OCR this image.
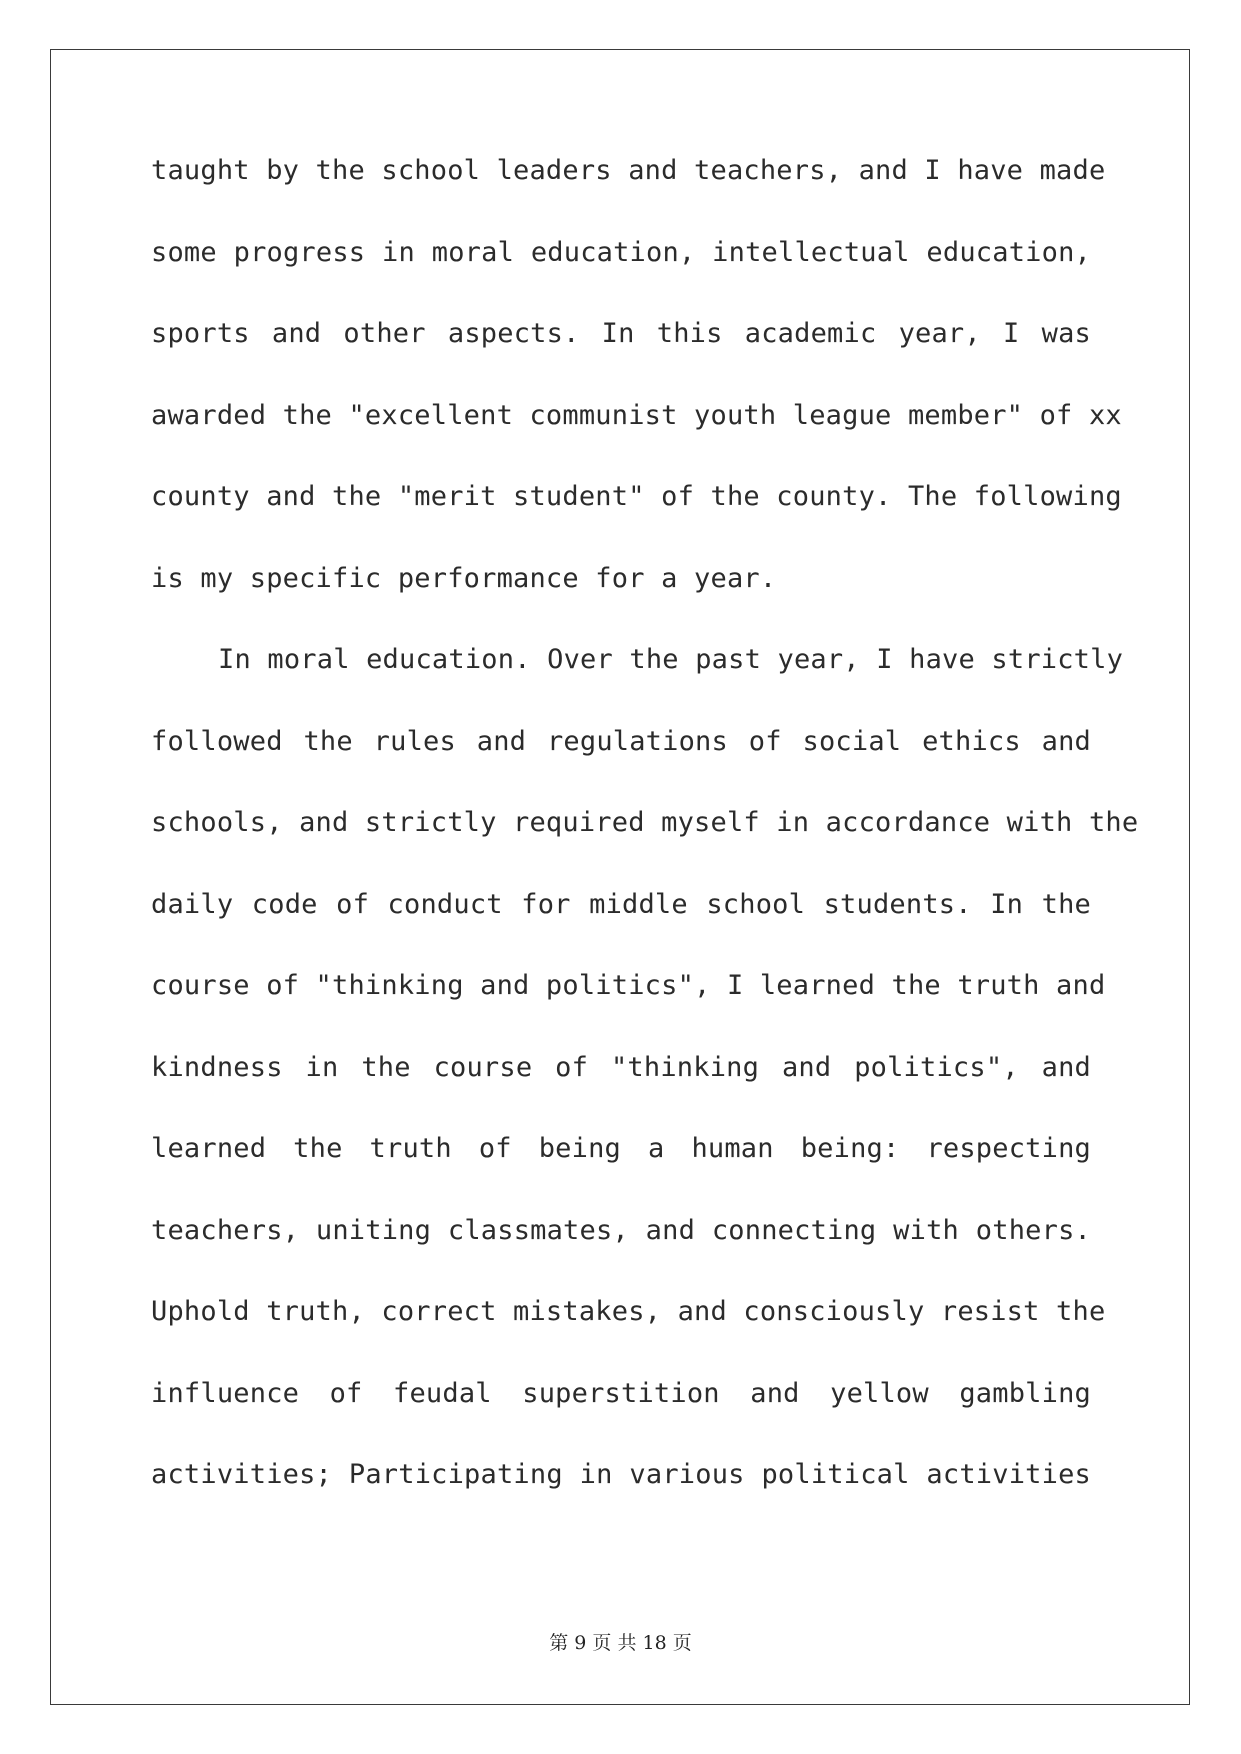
taught by the school leaders and teachers, and I have made
some progress in moral education, intellectual education,
sports and other aspects. In this academic year, I was
awarded the "excellent communist youth league member" of xx
county and the "merit student" of the county. The following
is my specific performance for a year.
In moral education. Over the past year, I have strictly
followed the rules and regulations of social ethics and
schools, and strictly required myself in accordance with the
daily code of conduct for middle school students. In the
course of "thinking and politics", I learned the truth and
kindness in the course of "thinking and politics", and
learned the truth of being a human being: respecting
teachers, uniting classmates, and connecting with others.
Uphold truth, correct mistakes, and consciously resist the
influence of feudal superstition and yellow gambling
activities; Participating in various political activities
第 9 页 共 18 页
